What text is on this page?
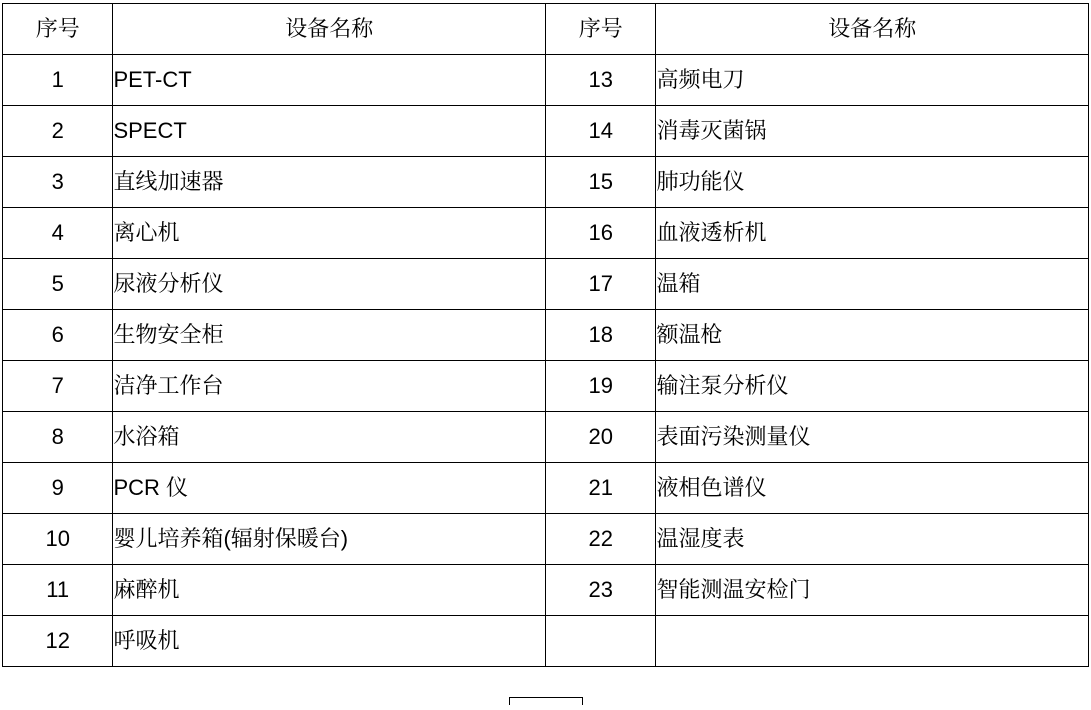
序号	设备名称	序号	设备名称
1	PET-CT	13	高频电刀
2	SPECT	14	消毒灭菌锅
3	直线加速器	15	肺功能仪
4	离心机	16	血液透析机
5	尿液分析仪	17	温箱
6	生物安全柜	18	额温枪
7	洁净工作台	19	输注泵分析仪
8	水浴箱	20	表面污染测量仪
9	PCR 仪	21	液相色谱仪
10	婴儿培养箱(辐射保暖台)	22	温湿度表
11	麻醉机	23	智能测温安检门
12	呼吸机		
